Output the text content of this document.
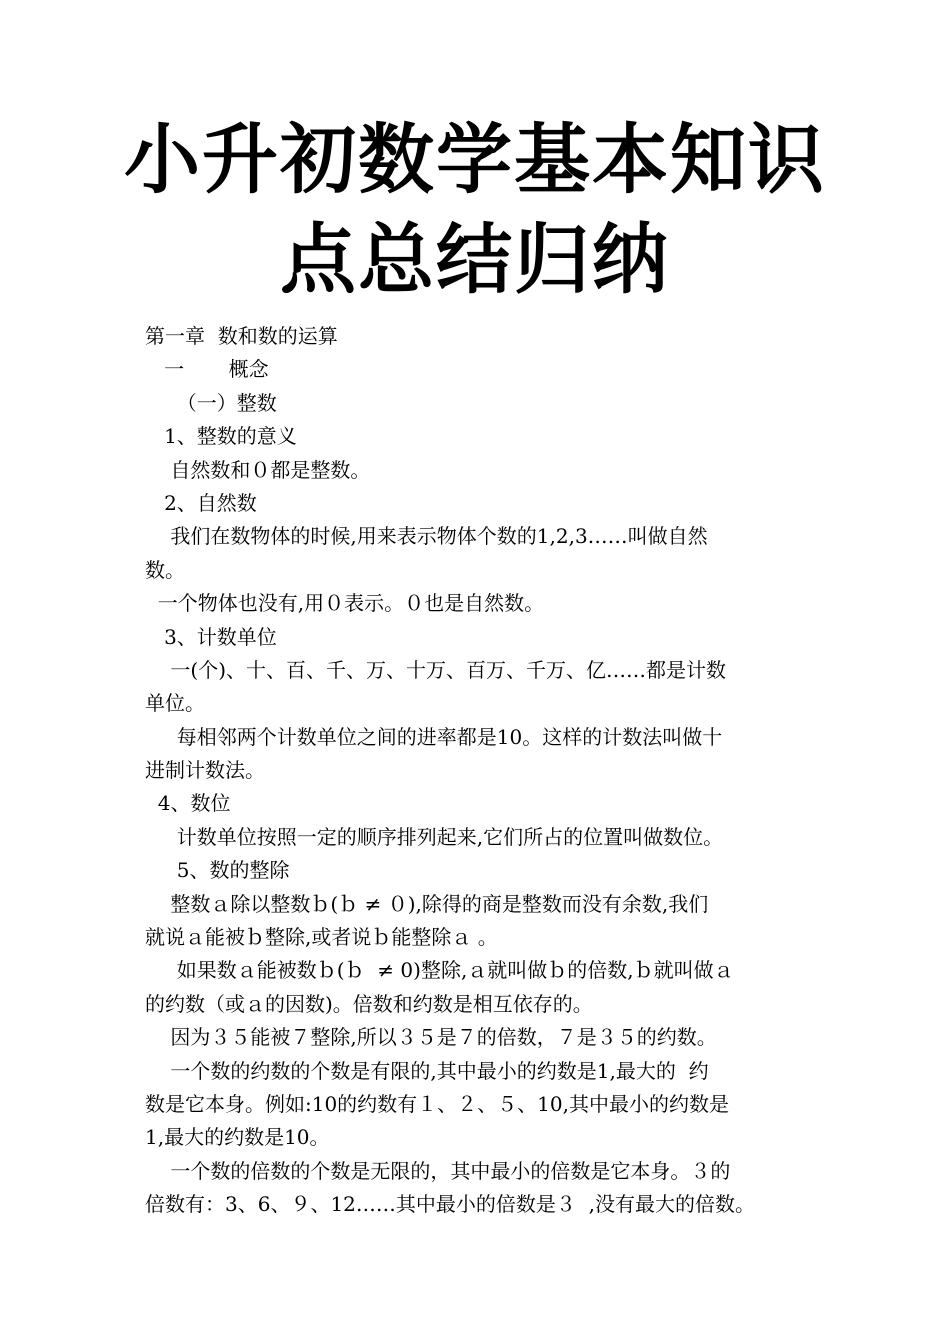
小升初数学基本知识
点总结归纳
第一章  数和数的运算
一       概念
（一）整数
1、整数的意义
自然数和０都是整数。
2、自然数
我们在数物体的时候,用来表示物体个数的1,2,3……叫做自然
数。
一个物体也没有,用０表示。０也是自然数。
3、计数单位
一(个)、十、百、千、万、十万、百万、千万、亿……都是计数
单位。
每相邻两个计数单位之间的进率都是10。这样的计数法叫做十
进制计数法。
4、数位
计数单位按照一定的顺序排列起来,它们所占的位置叫做数位。
5、数的整除
整数ａ除以整数ｂ(ｂ ≠ ０),除得的商是整数而没有余数,我们
就说ａ能被ｂ整除,或者说ｂ能整除ａ 。
如果数ａ能被数ｂ(ｂ  ≠ 0)整除,ａ就叫做ｂ的倍数,ｂ就叫做ａ
的约数（或ａ的因数)。倍数和约数是相互依存的。
因为３５能被７整除,所以３５是７的倍数，７是３５的约数。
一个数的约数的个数是有限的,其中最小的约数是1,最大的  约
数是它本身。例如:10的约数有１、２、５、10,其中最小的约数是
1,最大的约数是10。
一个数的倍数的个数是无限的，其中最小的倍数是它本身。３的
倍数有：3、6、９、12……其中最小的倍数是３  ,没有最大的倍数。
